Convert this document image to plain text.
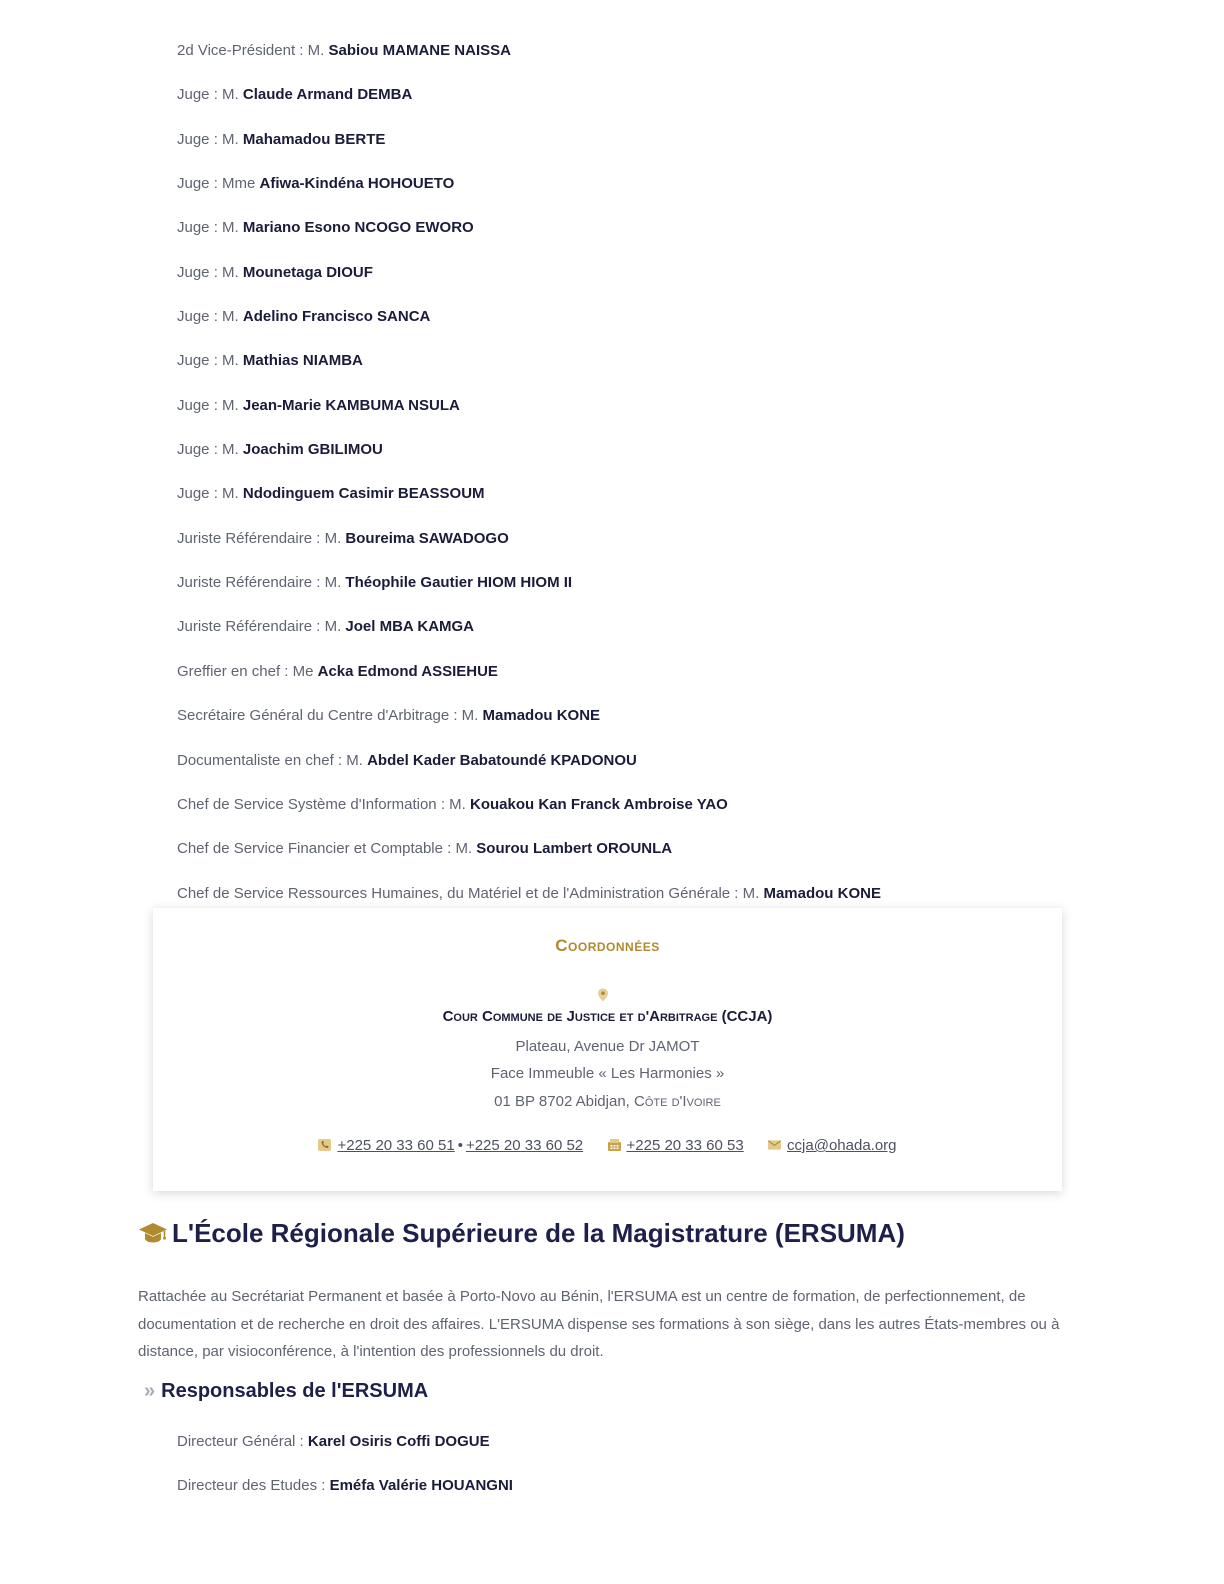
2d Vice-Président : M. Sabiou MAMANE NAISSA
Juge : M. Claude Armand DEMBA
Juge : M. Mahamadou BERTE
Juge : Mme Afiwa-Kindéna HOHOUETO
Juge : M. Mariano Esono NCOGO EWORO
Juge : M. Mounetaga DIOUF
Juge : M. Adelino Francisco SANCA
Juge : M. Mathias NIAMBA
Juge : M. Jean-Marie KAMBUMA NSULA
Juge : M. Joachim GBILIMOU
Juge : M. Ndodinguem Casimir BEASSOUM
Juriste Référendaire : M. Boureima SAWADOGO
Juriste Référendaire : M. Théophile Gautier HIOM HIOM II
Juriste Référendaire : M. Joel MBA KAMGA
Greffier en chef : Me Acka Edmond ASSIEHUE
Secrétaire Général du Centre d'Arbitrage : M. Mamadou KONE
Documentaliste en chef : M. Abdel Kader Babatoundé KPADONOU
Chef de Service Système d'Information : M. Kouakou Kan Franck Ambroise YAO
Chef de Service Financier et Comptable : M. Sourou Lambert OROUNLA
Chef de Service Ressources Humaines, du Matériel et de l'Administration Générale : M. Mamadou KONE
Coordonnées
Cour Commune de Justice et d'Arbitrage (CCJA)
Plateau, Avenue Dr JAMOT
Face Immeuble « Les Harmonies »
01 BP 8702 Abidjan, Côte d'Ivoire
+225 20 33 60 51 • +225 20 33 60 52	+225 20 33 60 53	ccja@ohada.org
L'École Régionale Supérieure de la Magistrature (ERSUMA)

Rattachée au Secrétariat Permanent et basée à Porto-Novo au Bénin, l'ERSUMA est un centre de formation, de perfectionnement, de documentation et de recherche en droit des affaires. L'ERSUMA dispense ses formations à son siège, dans les autres États-membres ou à distance, par visioconférence, à l'intention des professionnels du droit.

» Responsables de l'ERSUMA
Directeur Général : Karel Osiris Coffi DOGUE
Directeur des Etudes : Eméfa Valérie HOUANGNI
